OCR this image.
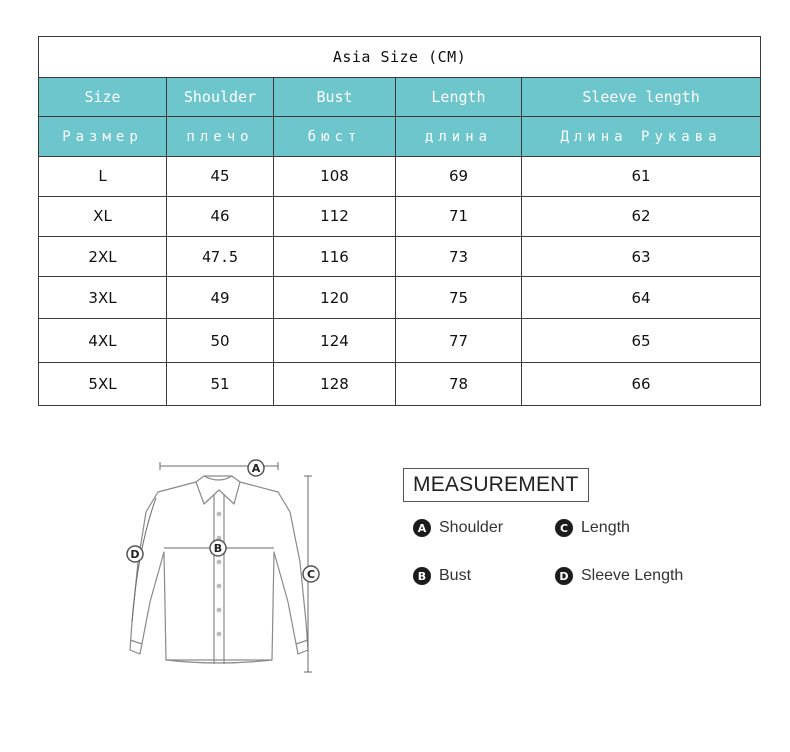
Asia Size (CM)				
Size	Shoulder	Bust	Length	Sleeve length
Размер	плечо	бюст	длина	Длина Рукава
L	45	108	69	61
XL	46	112	71	62
2XL	47.5	116	73	63
3XL	49	120	75	64
4XL	50	124	77	65
5XL	51	128	78	66
A
B
C
D
MEASUREMENT
A Shoulder	C Length
B Bust	D Sleeve Length
